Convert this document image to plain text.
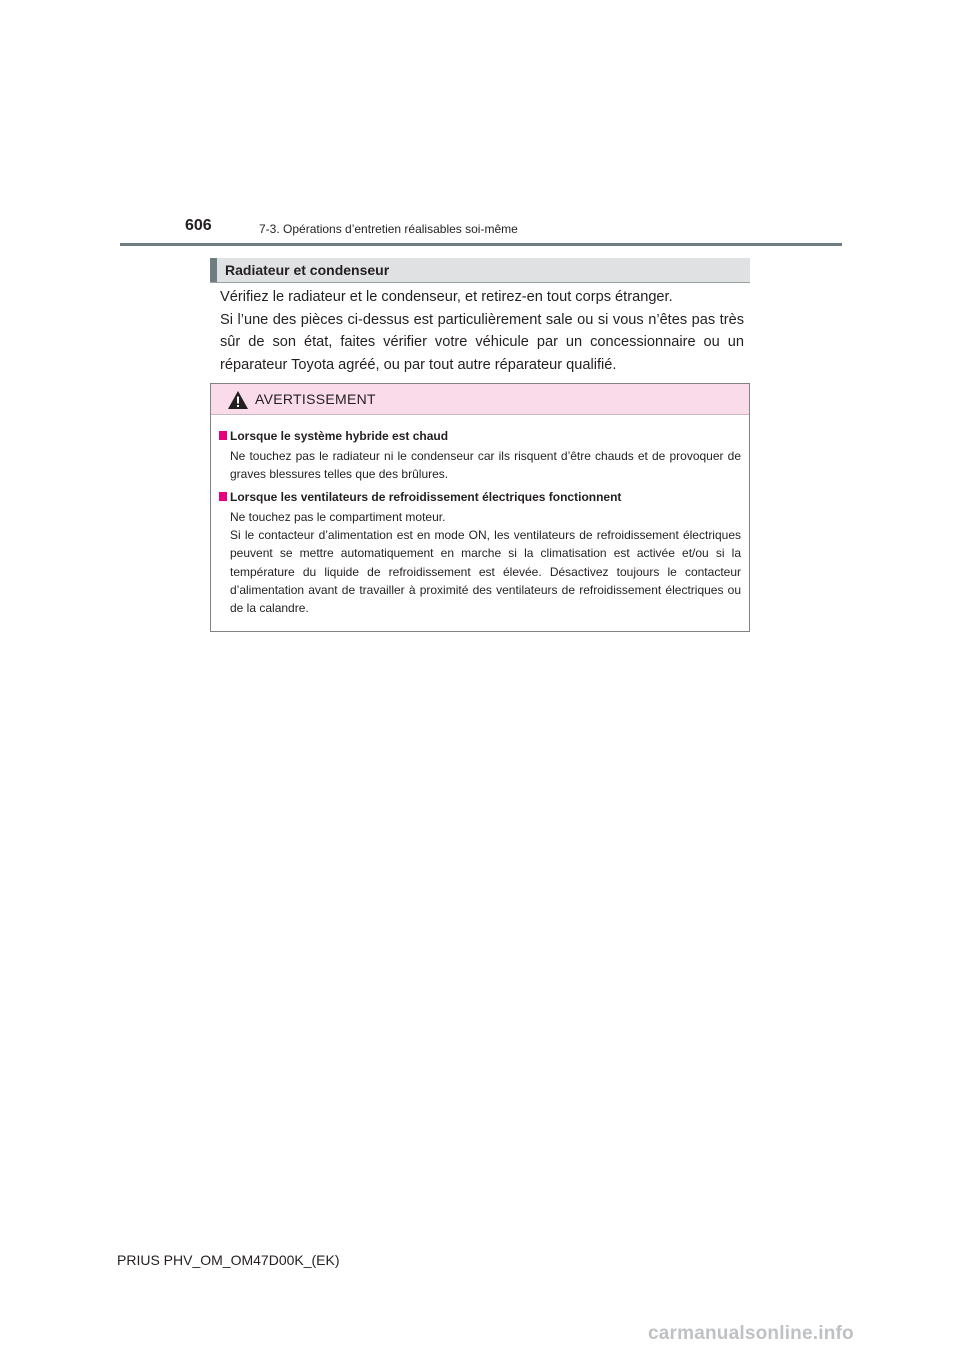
606	7-3. Opérations d’entretien réalisables soi-même
Radiateur et condenseur

Vérifiez le radiateur et le condenseur, et retirez-en tout corps étranger.

Si l’une des pièces ci-dessus est particulièrement sale ou si vous n’êtes pas très sûr de son état, faites vérifier votre véhicule par un concessionnaire ou un réparateur Toyota agréé, ou par tout autre réparateur qualifié.

AVERTISSEMENT
Lorsque le système hybride est chaud

Ne touchez pas le radiateur ni le condenseur car ils risquent d’être chauds et de provoquer de graves blessures telles que des brûlures.

Lorsque les ventilateurs de refroidissement électriques fonctionnent

Ne touchez pas le compartiment moteur.

Si le contacteur d’alimentation est en mode ON, les ventilateurs de refroidissement électriques peuvent se mettre automatiquement en marche si la climatisation est activée et/ou si la température du liquide de refroidissement est élevée. Désactivez toujours le contacteur d’alimentation avant de travailler à proximité des ventilateurs de refroidissement électriques ou de la calandre.

PRIUS PHV_OM_OM47D00K_(EK)
carmanualsonline.info
